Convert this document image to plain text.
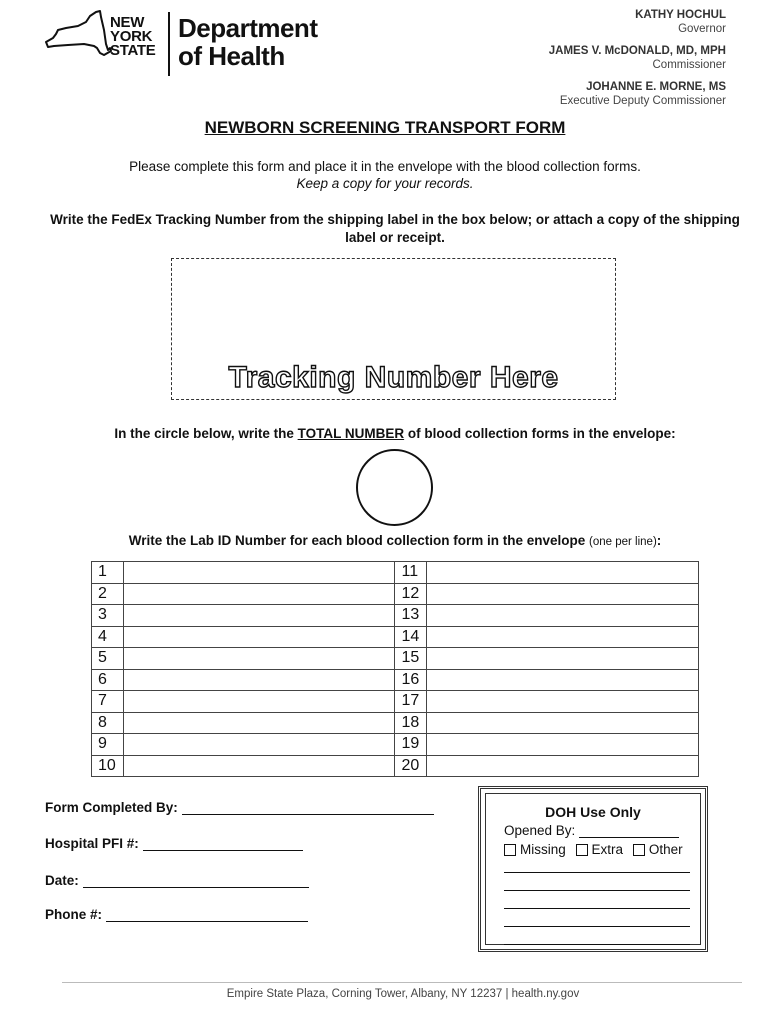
NEW
YORK
STATE
Department
of Health
KATHY HOCHUL
Governor
JAMES V. McDONALD, MD, MPH
Commissioner
JOHANNE E. MORNE, MS
Executive Deputy Commissioner
NEWBORN SCREENING TRANSPORT FORM
Please complete this form and place it in the envelope with the blood collection forms.
Keep a copy for your records.
Write the FedEx Tracking Number from the shipping label in the box below; or attach a copy of the shipping label or receipt.
Tracking Number Here
In the circle below, write the TOTAL NUMBER of blood collection forms in the envelope:
Write the Lab ID Number for each blood collection form in the envelope (one per line):
1		11	
2		12	
3		13	
4		14	
5		15	
6		16	
7		17	
8		18	
9		19	
10		20	
Form Completed By:
Hospital PFI #:
Date:
Phone #:
DOH Use Only
Opened By:
Missing
Extra
Other
Empire State Plaza, Corning Tower, Albany, NY 12237 | health.ny.gov
